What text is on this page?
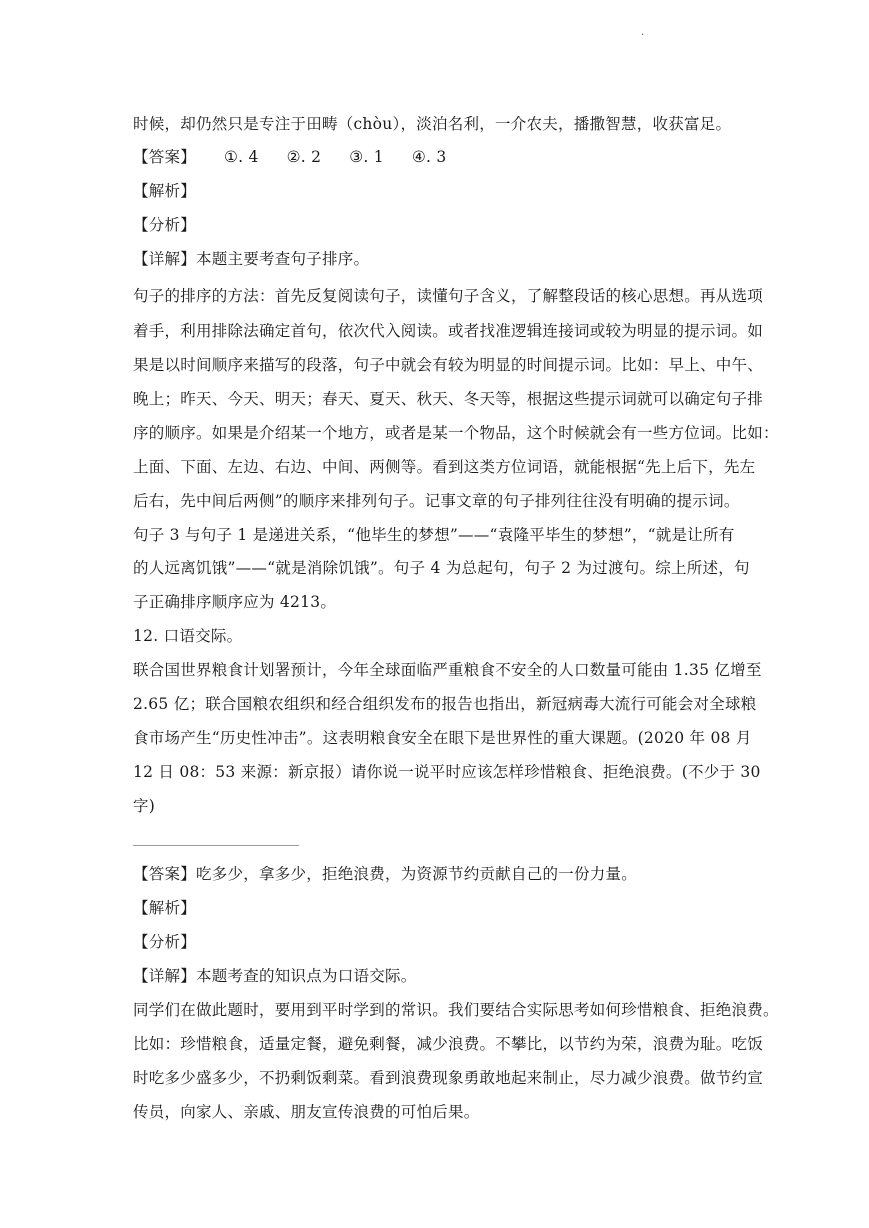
·
时候，却仍然只是专注于田畴（chòu），淡泊名利，一介农夫，播撒智慧，收获富足。
【答案】 ①. 4 ②. 2 ③. 1 ④. 3
【解析】
【分析】
【详解】本题主要考查句子排序。
句子的排序的方法：首先反复阅读句子，读懂句子含义，了解整段话的核心思想。再从选项
着手，利用排除法确定首句，依次代入阅读。或者找准逻辑连接词或较为明显的提示词。如
果是以时间顺序来描写的段落，句子中就会有较为明显的时间提示词。比如：早上、中午、
晚上；昨天、今天、明天；春天、夏天、秋天、冬天等，根据这些提示词就可以确定句子排
序的顺序。如果是介绍某一个地方，或者是某一个物品，这个时候就会有一些方位词。比如：
上面、下面、左边、右边、中间、两侧等。看到这类方位词语，就能根据“先上后下，先左
后右，先中间后两侧”的顺序来排列句子。记事文章的句子排列往往没有明确的提示词。
句子 3 与句子 1 是递进关系，“他毕生的梦想”——“袁隆平毕生的梦想”，“就是让所有
的人远离饥饿”——“就是消除饥饿”。句子 4 为总起句，句子 2 为过渡句。综上所述，句
子正确排序顺序应为 4213。
12. 口语交际。
联合国世界粮食计划署预计，今年全球面临严重粮食不安全的人口数量可能由 1.35 亿增至
2.65 亿；联合国粮农组织和经合组织发布的报告也指出，新冠病毒大流行可能会对全球粮
食市场产生“历史性冲击”。这表明粮食安全在眼下是世界性的重大课题。(2020 年 08 月
12 日 08：53 来源：新京报）请你说一说平时应该怎样珍惜粮食、拒绝浪费。(不少于 30
字)
【答案】吃多少，拿多少，拒绝浪费，为资源节约贡献自己的一份力量。
【解析】
【分析】
【详解】本题考查的知识点为口语交际。
同学们在做此题时，要用到平时学到的常识。我们要结合实际思考如何珍惜粮食、拒绝浪费。
比如：珍惜粮食，适量定餐，避免剩餐，减少浪费。不攀比，以节约为荣，浪费为耻。吃饭
时吃多少盛多少，不扔剩饭剩菜。看到浪费现象勇敢地起来制止，尽力减少浪费。做节约宣
传员，向家人、亲戚、朋友宣传浪费的可怕后果。
